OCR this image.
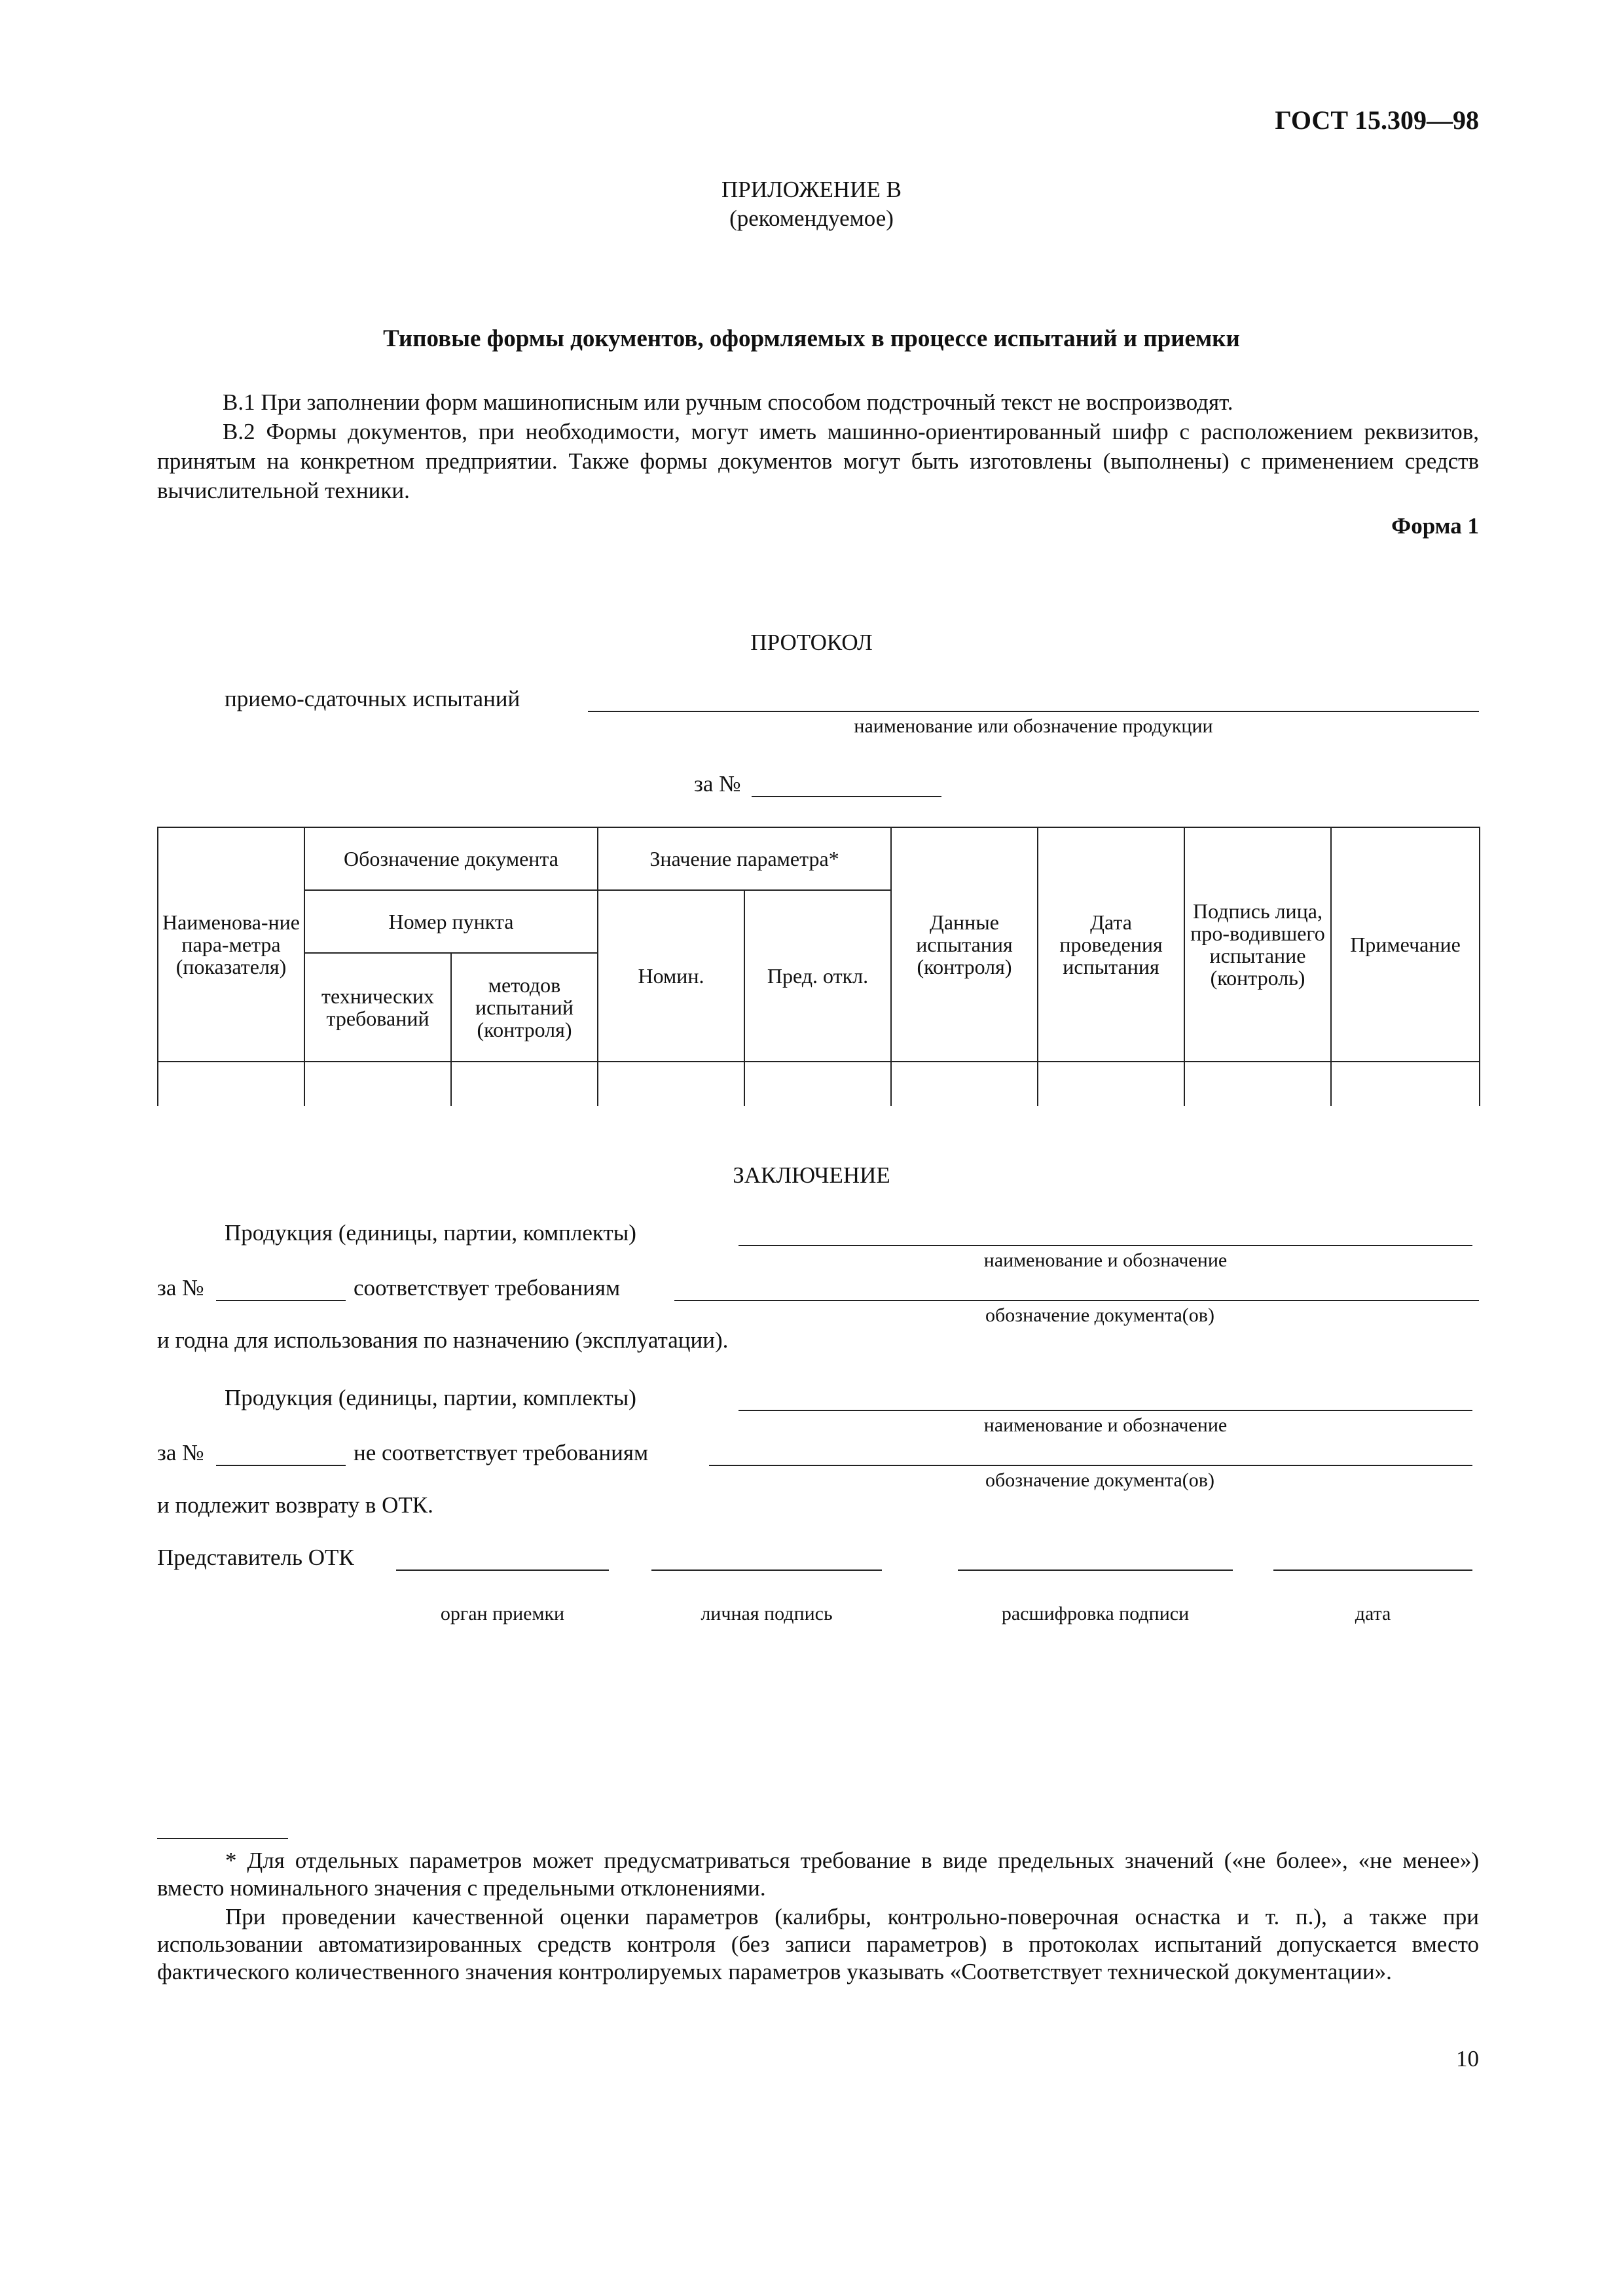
ГОСТ 15.309—98
ПРИЛОЖЕНИЕ В
(рекомендуемое)
Типовые формы документов, оформляемых в процессе испытаний и приемки
В.1 При заполнении форм машинописным или ручным способом подстрочный текст не воспроизводят.
В.2 Формы документов, при необходимости, могут иметь машинно-ориентированный шифр с расположением реквизитов, принятым на конкретном предприятии. Также формы документов могут быть изготовлены (выполнены) с применением средств вычислительной техники.
Форма 1
ПРОТОКОЛ
приемо-сдаточных испытаний
наименование или обозначение продукции
за №
Наименова-ние пара-метра (показателя)	Обозначение документа		Значение параметра*		Данные испытания (контроля)	Дата проведения испытания	Подпись лица, про-водившего испытание (контроль)	Примечание
	Номер пункта		Номин.	Пред. откл.				
	технических требований	методов испытаний (контроля)						

ЗАКЛЮЧЕНИЕ
Продукция (единицы, партии, комплекты)
наименование и обозначение
за №	соответствует требованиям
обозначение документа(ов)
и годна для использования по назначению (эксплуатации).
Продукция (единицы, партии, комплекты)
наименование и обозначение
за №	не соответствует требованиям
обозначение документа(ов)
и подлежит возврату в ОТК.
Представитель ОТК
орган приемки	личная подпись	расшифровка подписи	дата
* Для отдельных параметров может предусматриваться требование в виде предельных значений («не более», «не менее») вместо номинального значения с предельными отклонениями.
При проведении качественной оценки параметров (калибры, контрольно-поверочная оснастка и т. п.), а также при использовании автоматизированных средств контроля (без записи параметров) в протоколах испытаний допускается вместо фактического количественного значения контролируемых параметров указывать «Соответствует технической документации».
10
